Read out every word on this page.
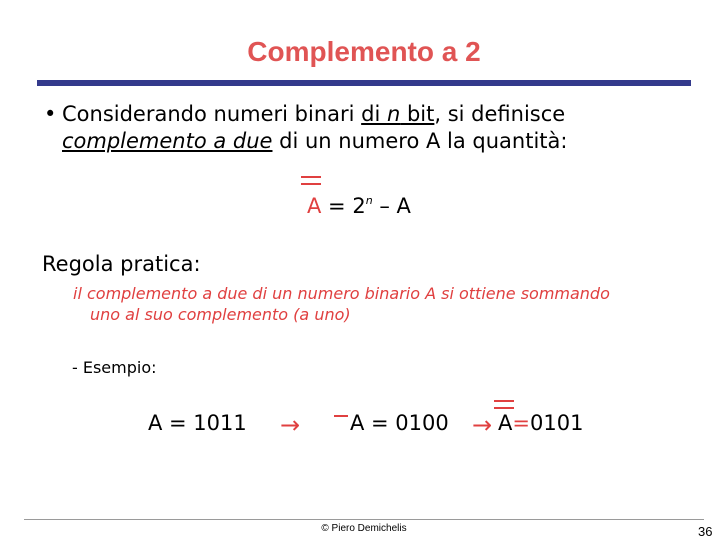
Complemento a 2
• Considerando numeri binari di n bit, si definisce
complemento a due di un numero A la quantità:
$A = 2^n - A$
Regola pratica:
il complemento a due di un numero binario A si ottiene sommando
uno al suo complemento (a uno)
- Esempio:
A = 1011 → A = 0100 → A=0101
© Piero Demichelis	36
